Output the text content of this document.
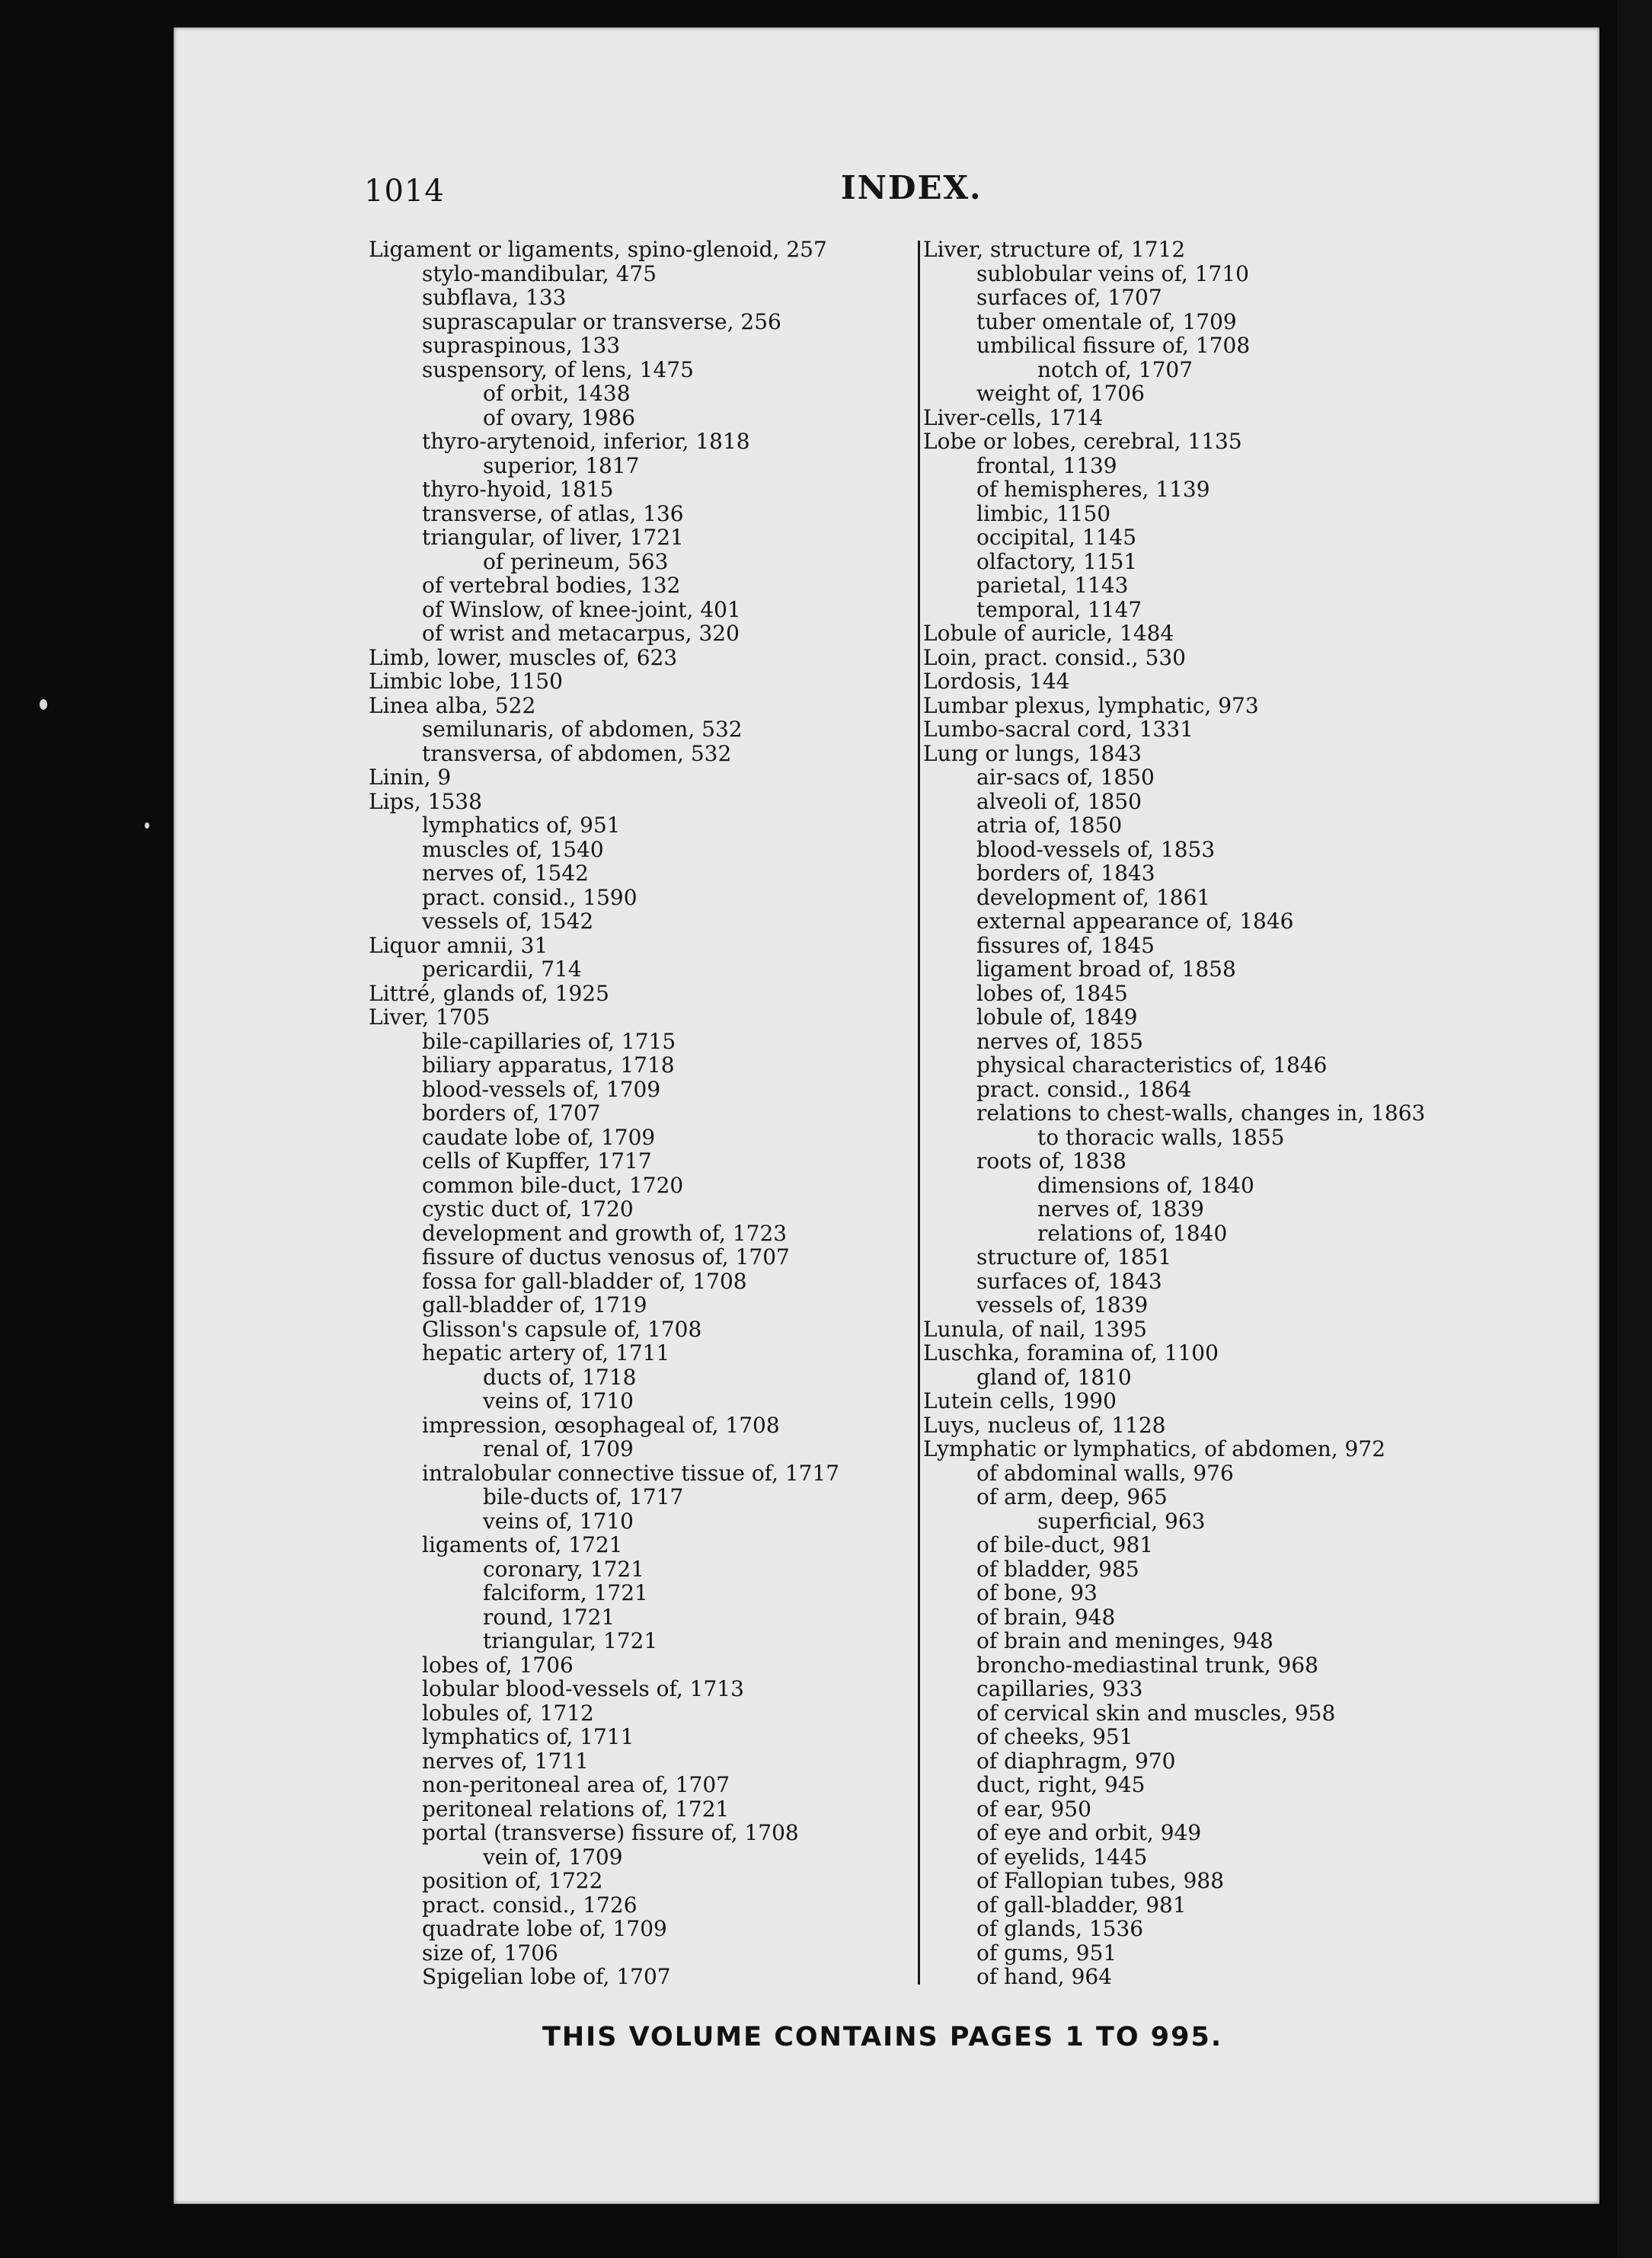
1014	INDEX.
Ligament or ligaments, spino-glenoid, 257
stylo-mandibular, 475
subflava, 133
suprascapular or transverse, 256
supraspinous, 133
suspensory, of lens, 1475
of orbit, 1438
of ovary, 1986
thyro-arytenoid, inferior, 1818
superior, 1817
thyro-hyoid, 1815
transverse, of atlas, 136
triangular, of liver, 1721
of perineum, 563
of vertebral bodies, 132
of Winslow, of knee-joint, 401
of wrist and metacarpus, 320
Limb, lower, muscles of, 623
Limbic lobe, 1150
Linea alba, 522
semilunaris, of abdomen, 532
transversa, of abdomen, 532
Linin, 9
Lips, 1538
lymphatics of, 951
muscles of, 1540
nerves of, 1542
pract. consid., 1590
vessels of, 1542
Liquor amnii, 31
pericardii, 714
Littré, glands of, 1925
Liver, 1705
bile-capillaries of, 1715
biliary apparatus, 1718
blood-vessels of, 1709
borders of, 1707
caudate lobe of, 1709
cells of Kupffer, 1717
common bile-duct, 1720
cystic duct of, 1720
development and growth of, 1723
fissure of ductus venosus of, 1707
fossa for gall-bladder of, 1708
gall-bladder of, 1719
Glisson's capsule of, 1708
hepatic artery of, 1711
ducts of, 1718
veins of, 1710
impression, œsophageal of, 1708
renal of, 1709
intralobular connective tissue of, 1717
bile-ducts of, 1717
veins of, 1710
ligaments of, 1721
coronary, 1721
falciform, 1721
round, 1721
triangular, 1721
lobes of, 1706
lobular blood-vessels of, 1713
lobules of, 1712
lymphatics of, 1711
nerves of, 1711
non-peritoneal area of, 1707
peritoneal relations of, 1721
portal (transverse) fissure of, 1708
vein of, 1709
position of, 1722
pract. consid., 1726
quadrate lobe of, 1709
size of, 1706
Spigelian lobe of, 1707
Liver, structure of, 1712
sublobular veins of, 1710
surfaces of, 1707
tuber omentale of, 1709
umbilical fissure of, 1708
notch of, 1707
weight of, 1706
Liver-cells, 1714
Lobe or lobes, cerebral, 1135
frontal, 1139
of hemispheres, 1139
limbic, 1150
occipital, 1145
olfactory, 1151
parietal, 1143
temporal, 1147
Lobule of auricle, 1484
Loin, pract. consid., 530
Lordosis, 144
Lumbar plexus, lymphatic, 973
Lumbo-sacral cord, 1331
Lung or lungs, 1843
air-sacs of, 1850
alveoli of, 1850
atria of, 1850
blood-vessels of, 1853
borders of, 1843
development of, 1861
external appearance of, 1846
fissures of, 1845
ligament broad of, 1858
lobes of, 1845
lobule of, 1849
nerves of, 1855
physical characteristics of, 1846
pract. consid., 1864
relations to chest-walls, changes in, 1863
to thoracic walls, 1855
roots of, 1838
dimensions of, 1840
nerves of, 1839
relations of, 1840
structure of, 1851
surfaces of, 1843
vessels of, 1839
Lunula, of nail, 1395
Luschka, foramina of, 1100
gland of, 1810
Lutein cells, 1990
Luys, nucleus of, 1128
Lymphatic or lymphatics, of abdomen, 972
of abdominal walls, 976
of arm, deep, 965
superficial, 963
of bile-duct, 981
of bladder, 985
of bone, 93
of brain, 948
of brain and meninges, 948
broncho-mediastinal trunk, 968
capillaries, 933
of cervical skin and muscles, 958
of cheeks, 951
of diaphragm, 970
duct, right, 945
of ear, 950
of eye and orbit, 949
of eyelids, 1445
of Fallopian tubes, 988
of gall-bladder, 981
of glands, 1536
of gums, 951
of hand, 964
THIS VOLUME CONTAINS PAGES 1 TO 995.
